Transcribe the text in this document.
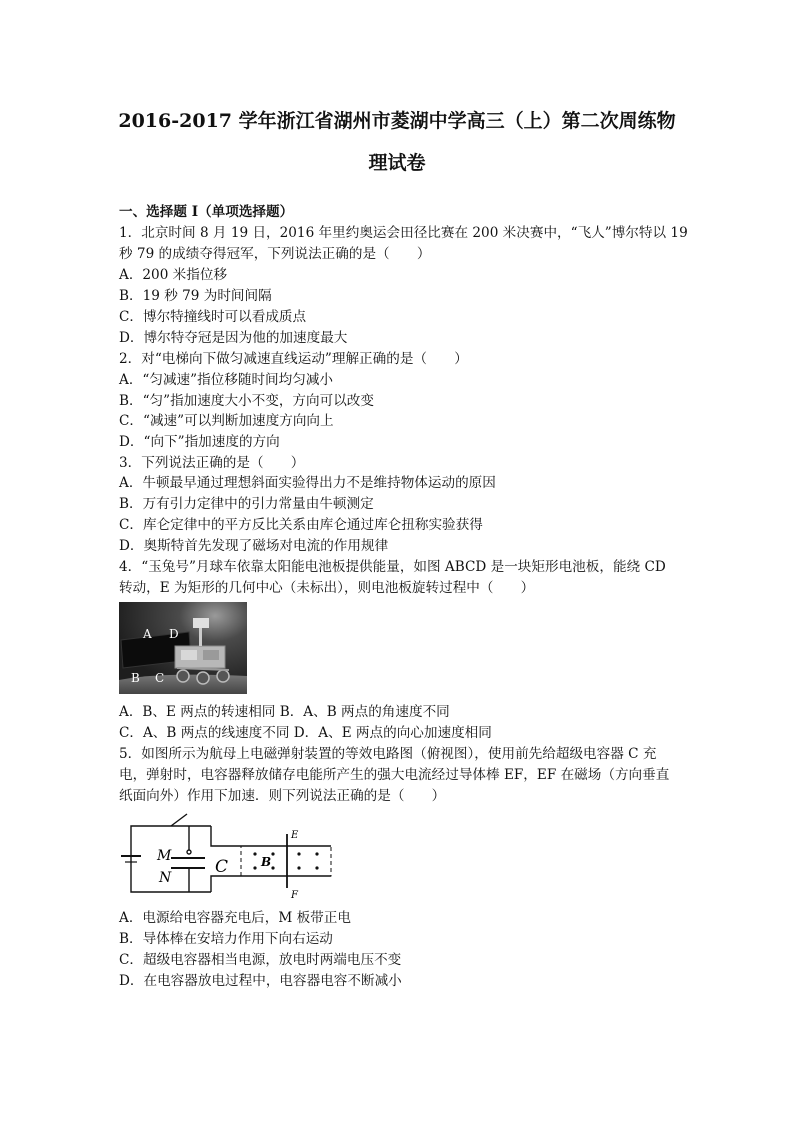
2016-2017 学年浙江省湖州市菱湖中学高三（上）第二次周练物
理试卷
一、选择题 I（单项选择题）
1．北京时间 8 月 19 日，2016 年里约奥运会田径比赛在 200 米决赛中，“飞人”博尔特以 19
秒 79 的成绩夺得冠军，下列说法正确的是（　　）
A．200 米指位移
B．19 秒 79 为时间间隔
C．博尔特撞线时可以看成质点
D．博尔特夺冠是因为他的加速度最大
2．对“电梯向下做匀减速直线运动”理解正确的是（　　）
A．“匀减速”指位移随时间均匀减小
B．“匀”指加速度大小不变，方向可以改变
C．“减速”可以判断加速度方向向上
D．“向下”指加速度的方向
3．下列说法正确的是（　　）
A．牛顿最早通过理想斜面实验得出力不是维持物体运动的原因
B．万有引力定律中的引力常量由牛顿测定
C．库仑定律中的平方反比关系由库仑通过库仑扭称实验获得
D．奥斯特首先发现了磁场对电流的作用规律
4．“玉兔号”月球车依靠太阳能电池板提供能量，如图 ABCD 是一块矩形电池板，能绕 CD
转动，E 为矩形的几何中心（未标出），则电池板旋转过程中（　　）
A D
B C
A．B、E 两点的转速相同 B．A、B 两点的角速度不同
C．A、B 两点的线速度不同 D．A、E 两点的向心加速度相同
5．如图所示为航母上电磁弹射装置的等效电路图（俯视图），使用前先给超级电容器 C 充
电，弹射时，电容器释放储存电能所产生的强大电流经过导体棒 EF，EF 在磁场（方向垂直
纸面向外）作用下加速．则下列说法正确的是（　　）
M
N
C	B
E
F
A．电源给电容器充电后，M 板带正电
B．导体棒在安培力作用下向右运动
C．超级电容器相当电源，放电时两端电压不变
D．在电容器放电过程中，电容器电容不断减小
